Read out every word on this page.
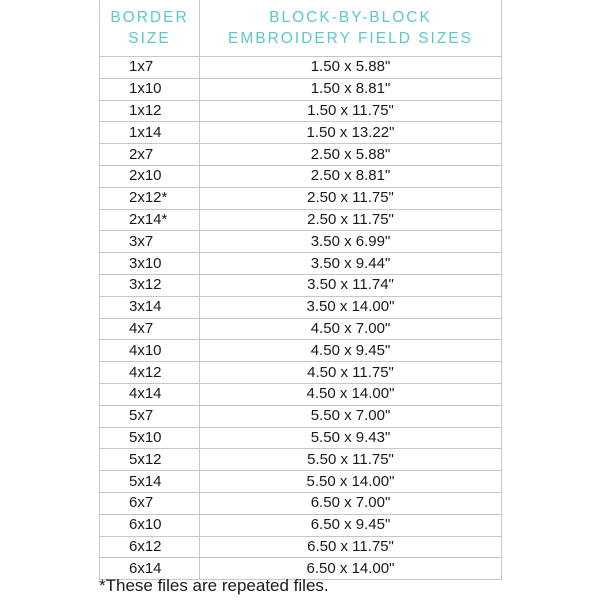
BORDER
SIZE	BLOCK-BY-BLOCK
EMBROIDERY FIELD SIZES

1x7	1.50 x 5.88"
1x10	1.50 x 8.81"
1x12	1.50 x 11.75"
1x14	1.50 x 13.22"
2x7	2.50 x 5.88"
2x10	2.50 x 8.81"
2x12*	2.50 x 11.75"
2x14*	2.50 x 11.75"
3x7	3.50 x 6.99"
3x10	3.50 x 9.44"
3x12	3.50 x 11.74"
3x14	3.50 x 14.00"
4x7	4.50 x 7.00"
4x10	4.50 x 9.45"
4x12	4.50 x 11.75"
4x14	4.50 x 14.00"
5x7	5.50 x 7.00"
5x10	5.50 x 9.43"
5x12	5.50 x 11.75"
5x14	5.50 x 14.00"
6x7	6.50 x 7.00"
6x10	6.50 x 9.45"
6x12	6.50 x 11.75"
6x14	6.50 x 14.00"
*These files are repeated files.
